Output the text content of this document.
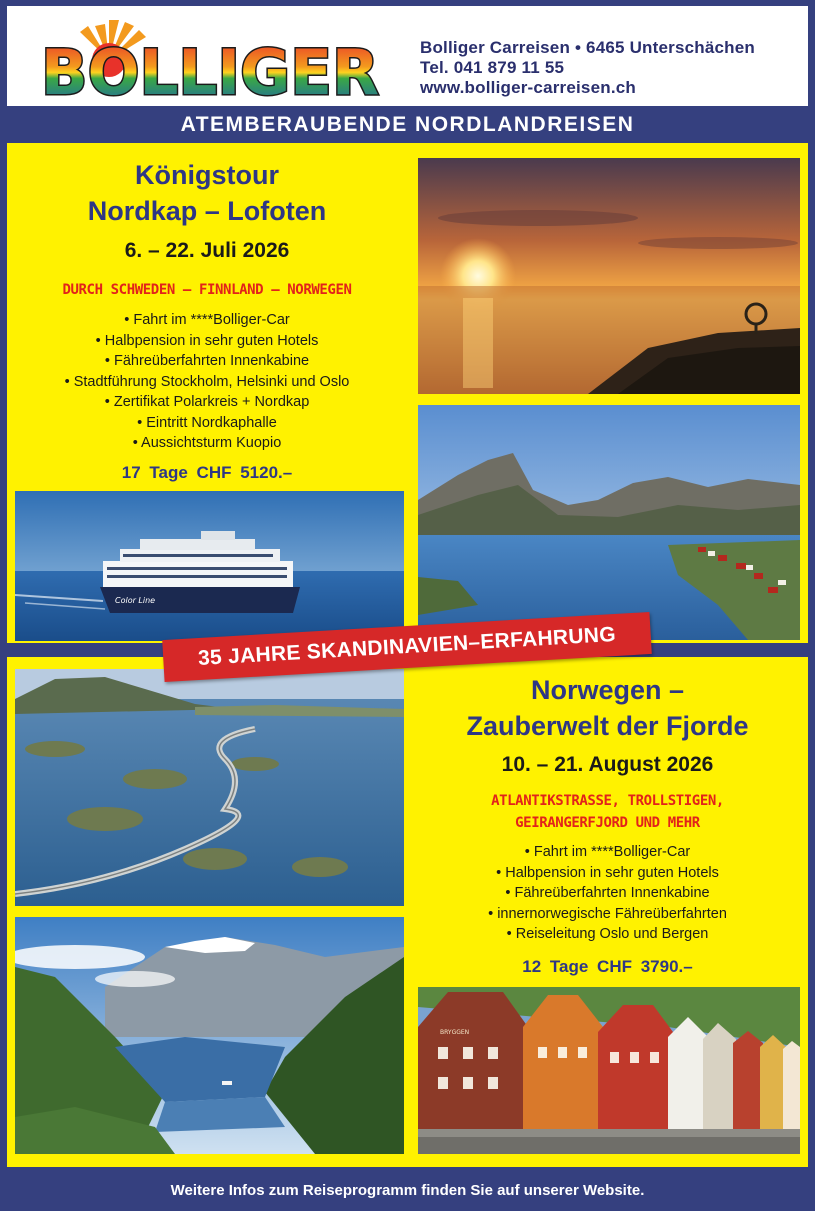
BOLLIGER Bolliger Carreisen • 6465 Unterschächen
Tel. 041 879 11 55
www.bolliger-carreisen.ch
ATEMBERAUBENDE NORDLANDREISEN
Königstour
Nordkap – Lofoten
6. – 22. Juli 2026
DURCH SCHWEDEN – FINNLAND – NORWEGEN
• Fahrt im ****Bolliger-Car
• Halbpension in sehr guten Hotels
• Fähreüberfahrten Innenkabine
• Stadtführung Stockholm, Helsinki und Oslo
• Zertifikat Polarkreis + Nordkap
• Eintritt Nordkaphalle
• Aussichtsturm Kuopio
17 Tage CHF 5120.–
Color Line
Norwegen –
Zauberwelt der Fjorde
10. – 21. August 2026
ATLANTIKSTRASSE, TROLLSTIGEN,
GEIRANGERFJORD UND MEHR
• Fahrt im ****Bolliger-Car
• Halbpension in sehr guten Hotels
• Fähreüberfahrten Innenkabine
• innernorwegische Fähreüberfahrten
• Reiseleitung Oslo und Bergen
12 Tage CHF 3790.–
BRYGGEN
35 JAHRE SKANDINAVIEN–ERFAHRUNG
Weitere Infos zum Reiseprogramm finden Sie auf unserer Website.
